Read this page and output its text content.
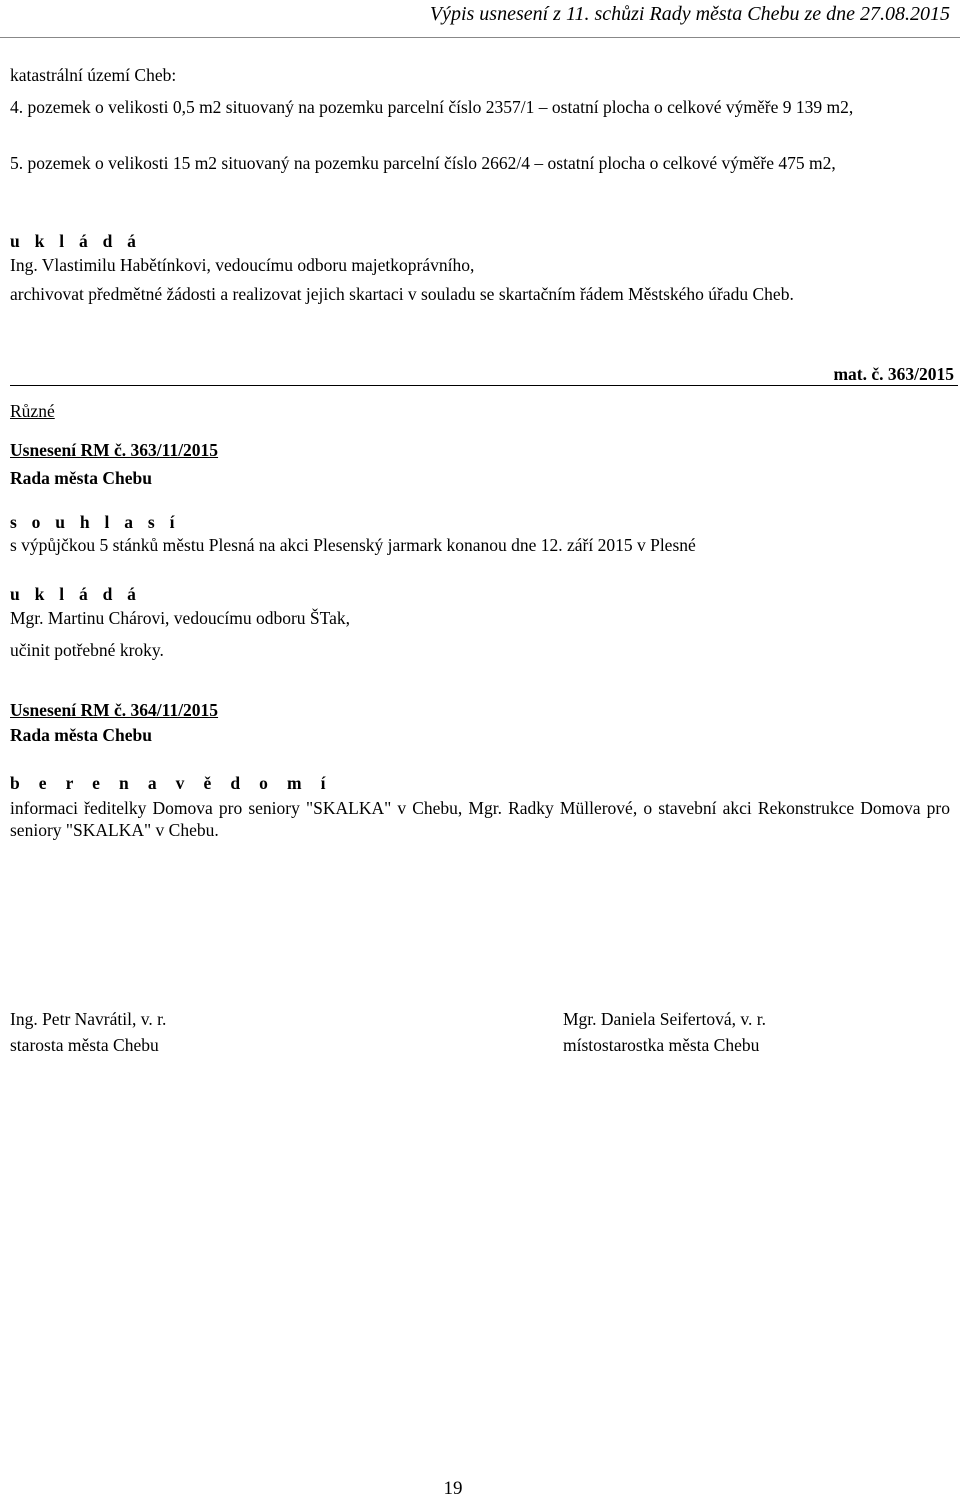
Výpis usnesení z 11. schůzi Rady města Chebu ze dne 27.08.2015

katastrální území Cheb:

4. pozemek o velikosti 0,5 m2 situovaný na pozemku parcelní číslo 2357/1 – ostatní plocha o celkové výměře 9 139 m2,

5. pozemek o velikosti 15 m2 situovaný na pozemku parcelní číslo 2662/4 – ostatní plocha o celkové výměře 475 m2,

u k l á d á

Ing. Vlastimilu Habětínkovi, vedoucímu odboru majetkoprávního,

archivovat předmětné žádosti a realizovat jejich skartaci v souladu se skartačním řádem Městského úřadu Cheb.

mat. č. 363/2015

Různé

Usnesení RM č. 363/11/2015

Rada města Chebu

s o u h l a s í

s výpůjčkou 5 stánků městu Plesná na akci Plesenský jarmark konanou dne 12. září 2015 v Plesné

u k l á d á

Mgr. Martinu Chárovi, vedoucímu odboru ŠTak,

učinit potřebné kroky.

Usnesení RM č. 364/11/2015

Rada města Chebu

b e r e n a v ě d o m í

informaci ředitelky Domova pro seniory "SKALKA" v Chebu, Mgr. Radky Müllerové, o stavební akci Rekonstrukce Domova pro seniory "SKALKA" v Chebu.

Ing. Petr Navrátil, v. r.
starosta města Chebu
Mgr. Daniela Seifertová, v. r.
místostarostka města Chebu
19
